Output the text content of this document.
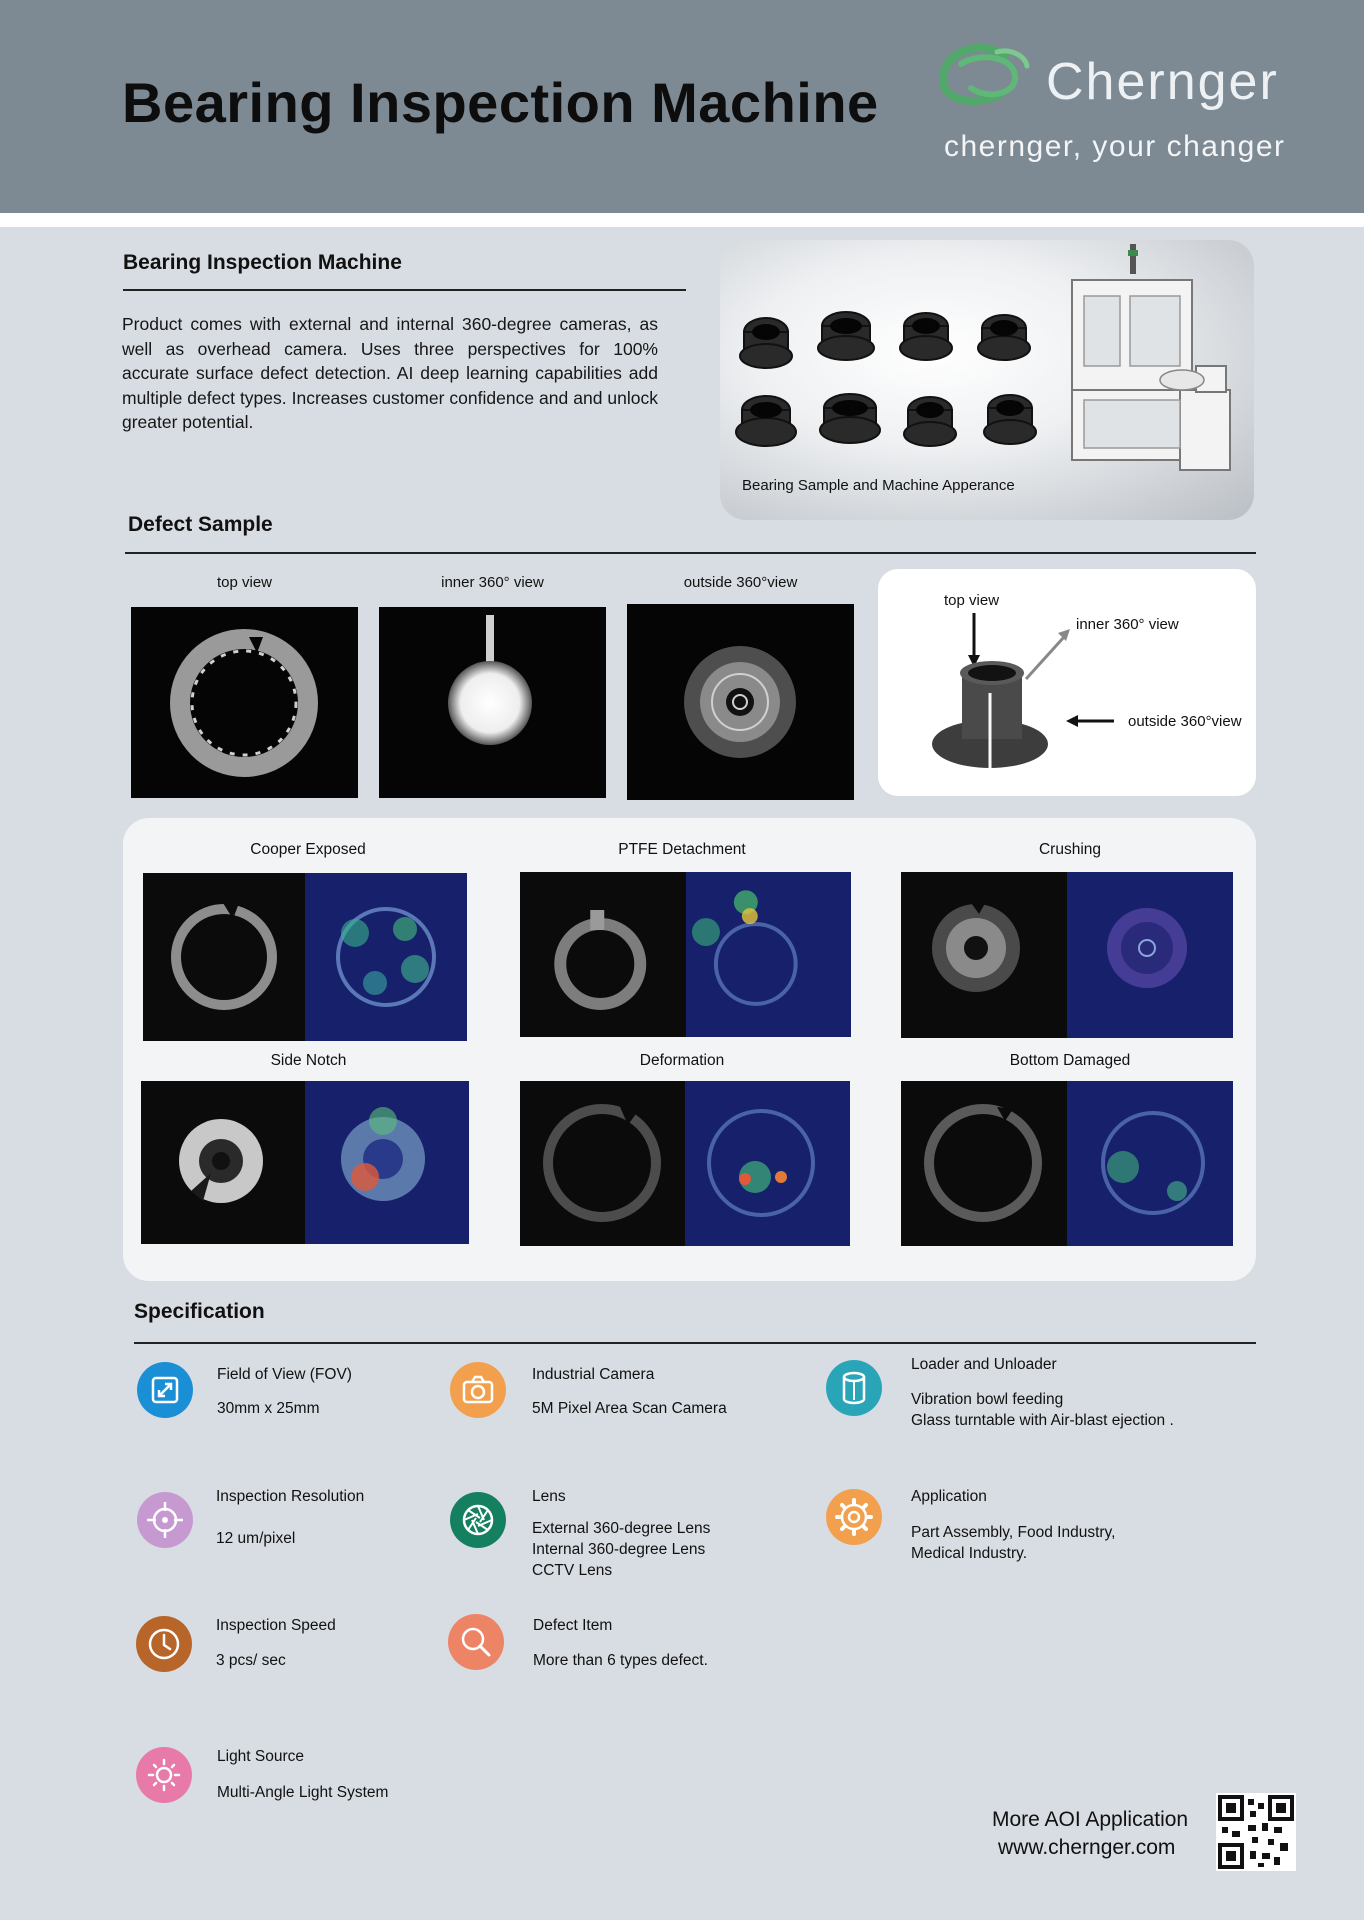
Bearing Inspection Machine	Chernger
chernger, your changer
Bearing Inspection Machine
Product comes with external and internal 360-degree cameras, as well as overhead camera. Uses three perspectives for 100% accurate surface defect detection. AI deep learning capabilities add multiple defect types. Increases customer confidence and and unlock greater potential.
Bearing Sample and Machine Apperance
Defect Sample
top view	inner 360° view	outside 360°view
top view
inner 360° view
outside 360°view
Cooper Exposed	PTFE Detachment	Crushing
Side Notch	Deformation	Bottom Damaged
Specification
Field of View (FOV)
30mm x 25mm
Industrial Camera
5M Pixel Area Scan Camera
Loader and Unloader
Vibration bowl feeding
Glass turntable with Air-blast ejection .
Inspection Resolution
12 um/pixel
Lens
External 360-degree Lens
Internal 360-degree Lens
CCTV Lens
Application
Part Assembly, Food Industry,
Medical Industry.
Inspection Speed
3 pcs/ sec
Defect Item
More than 6 types defect.
Light Source
Multi-Angle Light System
More AOI Application
www.chernger.com
